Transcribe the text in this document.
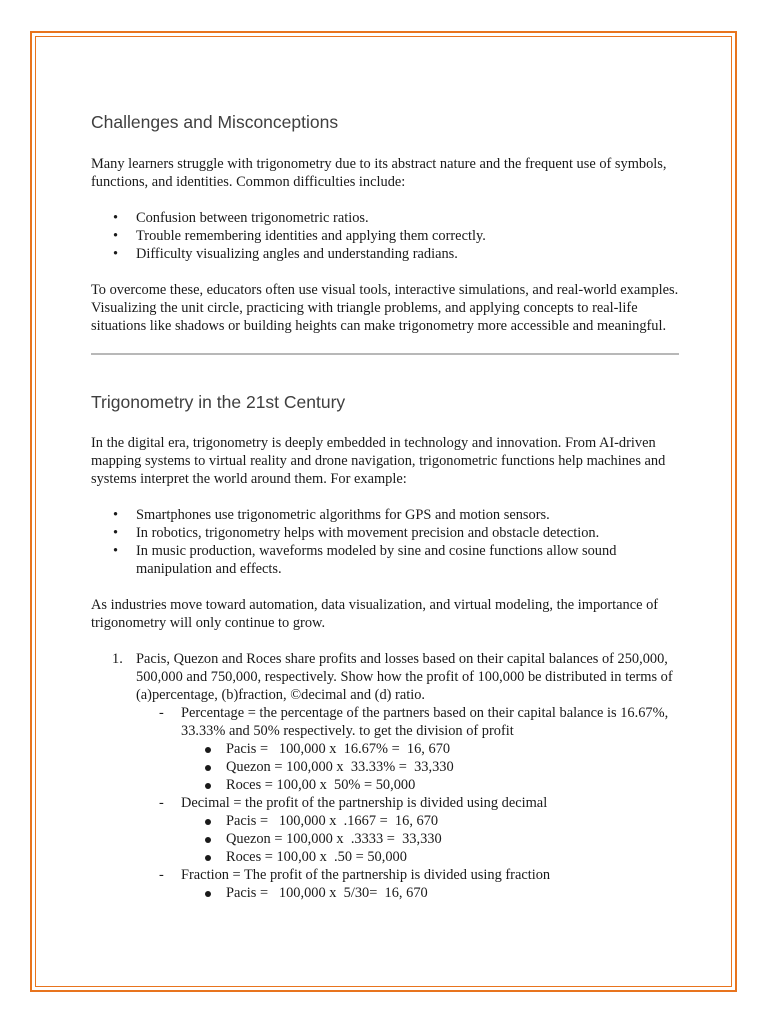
Challenges and Misconceptions

Many learners struggle with trigonometry due to its abstract nature and the frequent use of symbols, functions, and identities. Common difficulties include:

• Confusion between trigonometric ratios.
• Trouble remembering identities and applying them correctly.
• Difficulty visualizing angles and understanding radians.

To overcome these, educators often use visual tools, interactive simulations, and real-world examples. Visualizing the unit circle, practicing with triangle problems, and applying concepts to real-life situations like shadows or building heights can make trigonometry more accessible and meaningful.

Trigonometry in the 21st Century

In the digital era, trigonometry is deeply embedded in technology and innovation. From AI-driven mapping systems to virtual reality and drone navigation, trigonometric functions help machines and systems interpret the world around them. For example:

• Smartphones use trigonometric algorithms for GPS and motion sensors.
• In robotics, trigonometry helps with movement precision and obstacle detection.
• In music production, waveforms modeled by sine and cosine functions allow sound manipulation and effects.

As industries move toward automation, data visualization, and virtual modeling, the importance of trigonometry will only continue to grow.

1. Pacis, Quezon and Roces share profits and losses based on their capital balances of 250,000, 500,000 and 750,000, respectively. Show how the profit of 100,000 be distributed in terms of (a)percentage, (b)fraction, ©decimal and (d) ratio.
- Percentage = the percentage of the partners based on their capital balance is 16.67%, 33.33% and 50% respectively. to get the division of profit
Pacis =   100,000 x  16.67% =  16, 670
Quezon = 100,000 x  33.33% =  33,330
Roces = 100,00 x  50% = 50,000
- Decimal = the profit of the partnership is divided using decimal
Pacis =   100,000 x  .1667 =  16, 670
Quezon = 100,000 x  .3333 =  33,330
Roces = 100,00 x  .50 = 50,000
- Fraction = The profit of the partnership is divided using fraction
Pacis =   100,000 x  5/30=  16, 670
